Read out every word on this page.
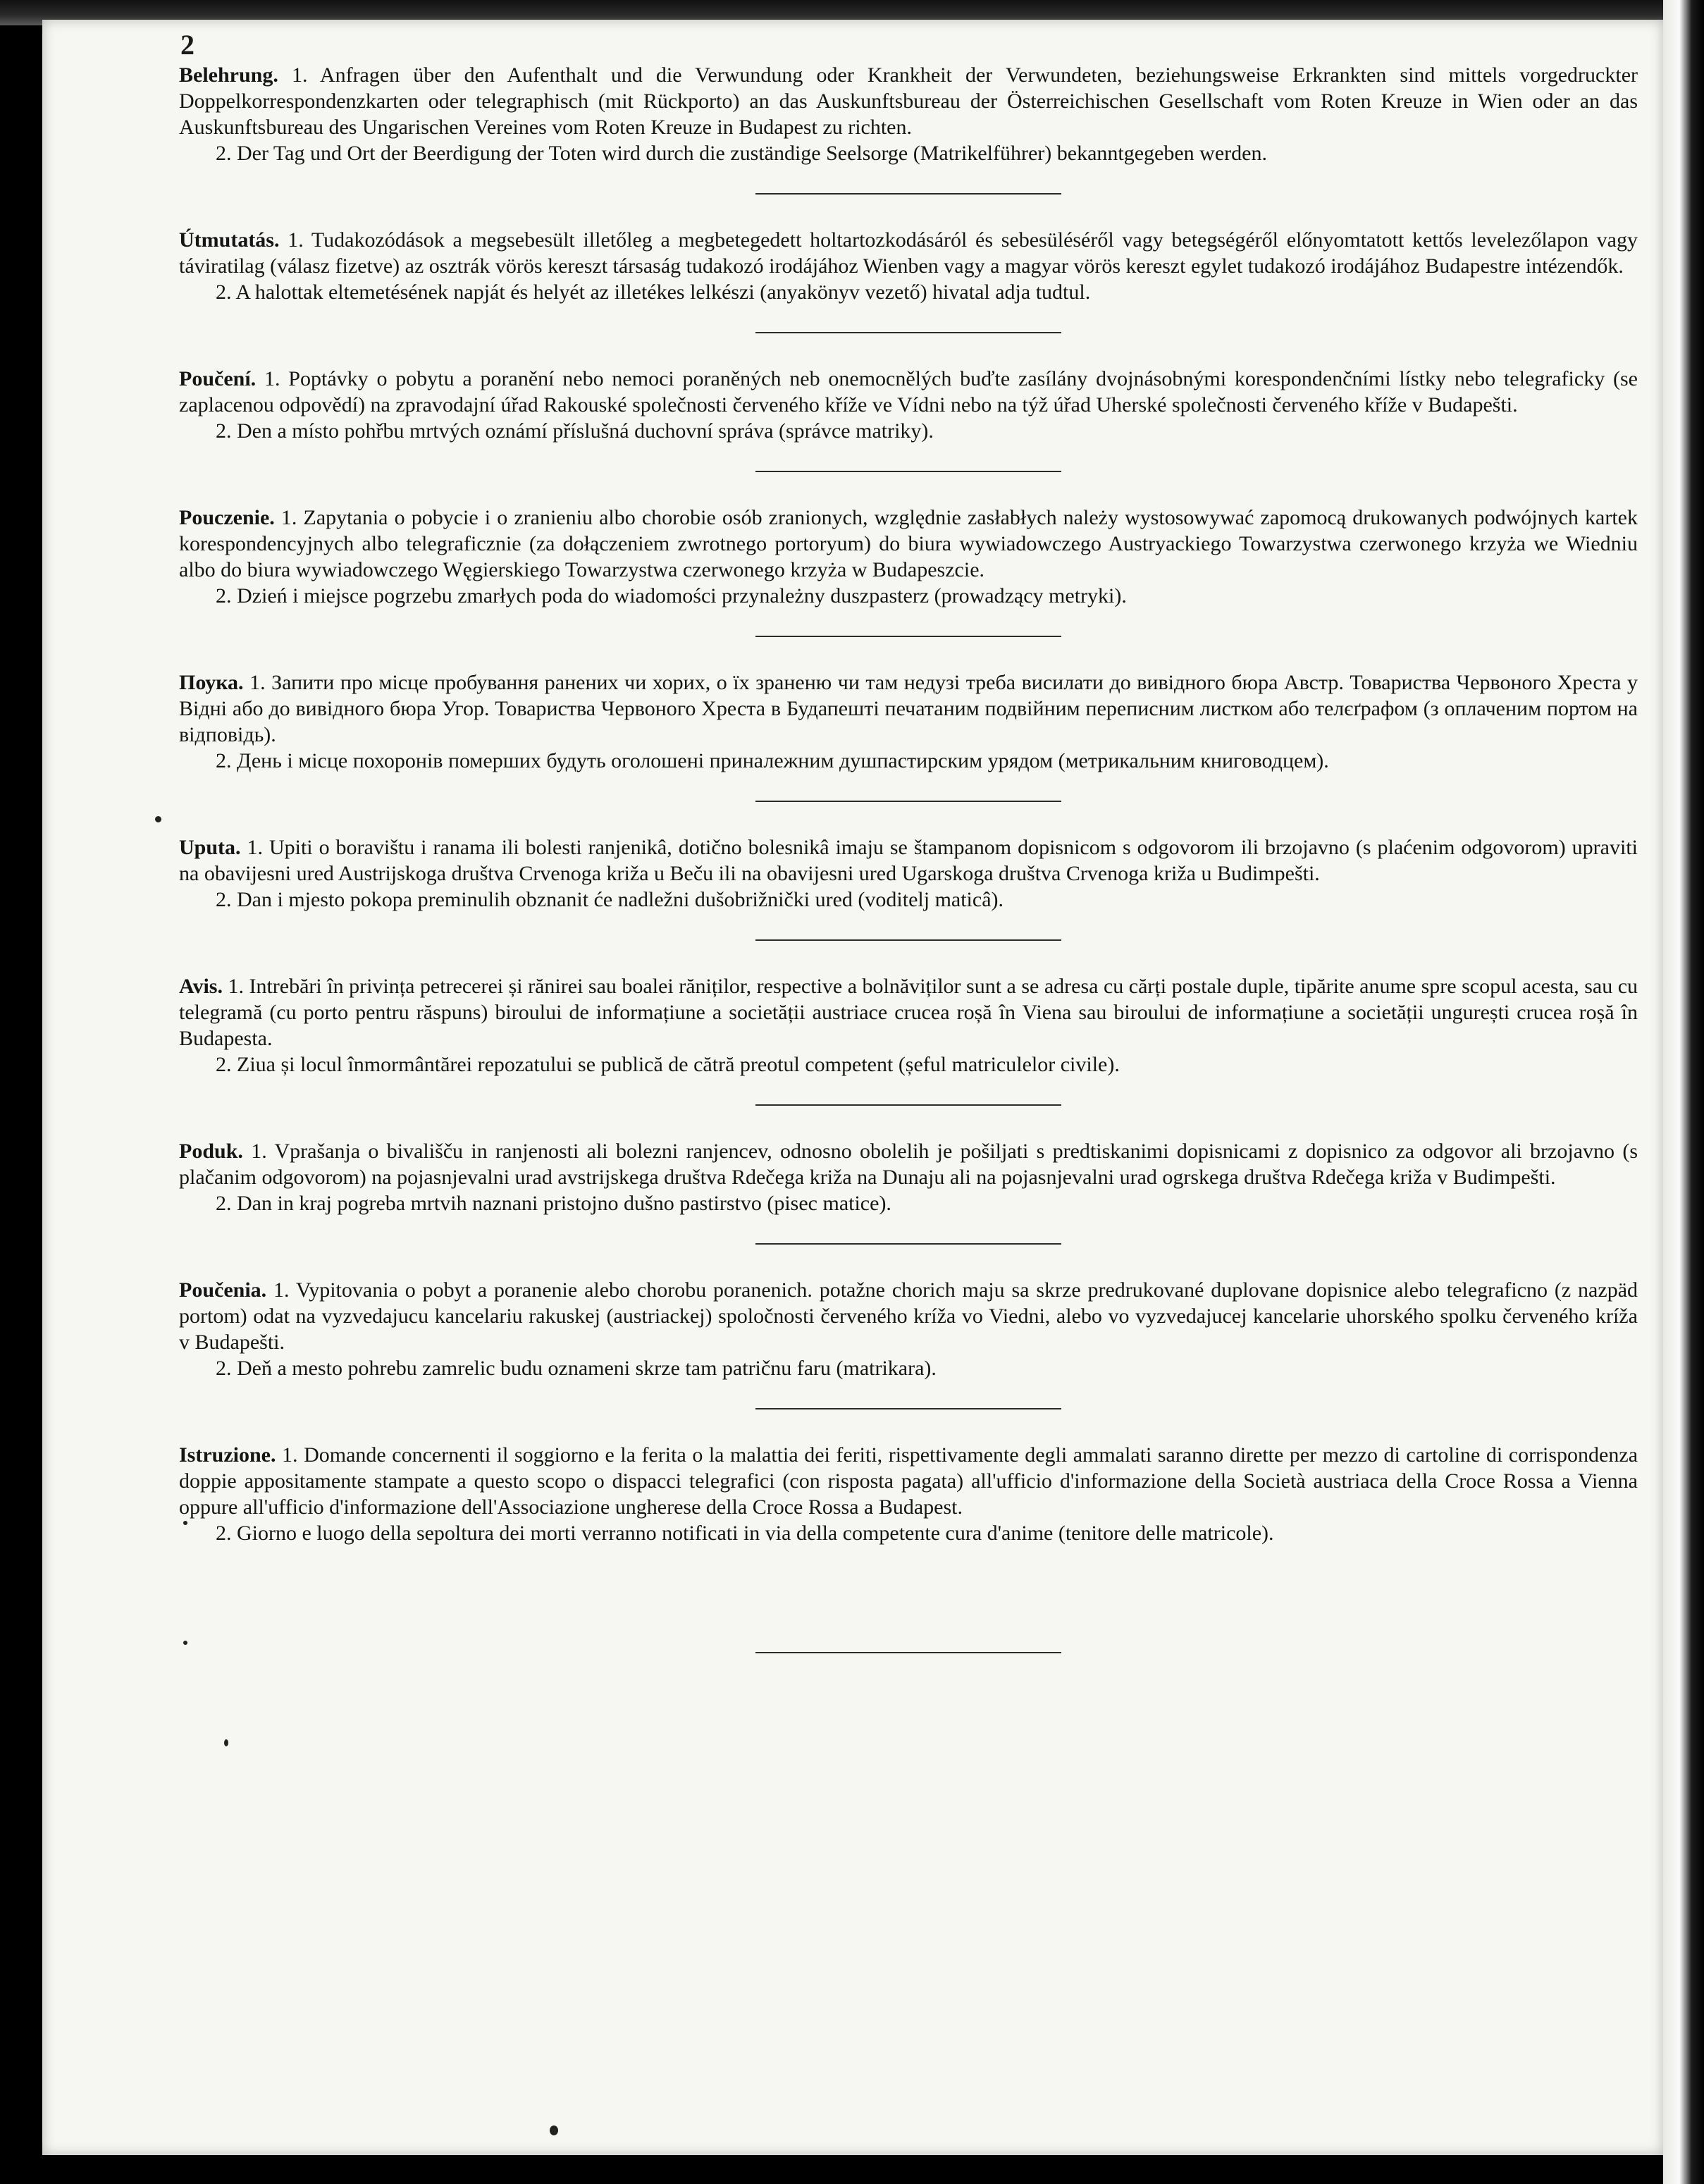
2

Belehrung. 1. Anfragen über den Aufenthalt und die Verwundung oder Krankheit der Verwundeten, beziehungsweise Erkrankten sind mittels vorgedruckter Doppelkorrespondenzkarten oder telegraphisch (mit Rückporto) an das Auskunftsbureau der Österreichischen Gesellschaft vom Roten Kreuze in Wien oder an das Auskunftsbureau des Ungarischen Vereines vom Roten Kreuze in Budapest zu richten.

2. Der Tag und Ort der Beerdigung der Toten wird durch die zuständige Seelsorge (Matrikelführer) bekanntgegeben werden.

Útmutatás. 1. Tudakozódások a megsebesült illetőleg a megbetegedett holtartozkodásáról és sebesüléséről vagy betegségéről előnyomtatott kettős levelezőlapon vagy táviratilag (válasz fizetve) az osztrák vörös kereszt társaság tudakozó irodájához Wienben vagy a magyar vörös kereszt egylet tudakozó irodájához Budapestre intézendők.

2. A halottak eltemetésének napját és helyét az illetékes lelkészi (anyakönyv vezető) hivatal adja tudtul.

Poučení. 1. Poptávky o pobytu a poranění nebo nemoci poraněných neb onemocnělých buďte zasílány dvojnásobnými korespondenčními lístky nebo telegraficky (se zaplacenou odpovědí) na zpravodajní úřad Rakouské společnosti červeného kříže ve Vídni nebo na týž úřad Uherské společnosti červeného kříže v Budapešti.

2. Den a místo pohřbu mrtvých oznámí příslušná duchovní správa (správce matriky).

Pouczenie. 1. Zapytania o pobycie i o zranieniu albo chorobie osób zranionych, względnie zasłabłych należy wystosowywać zapomocą drukowanych podwójnych kartek korespondencyjnych albo telegraficznie (za dołączeniem zwrotnego portoryum) do biura wywiadowczego Austryackiego Towarzystwa czerwonego krzyża we Wiedniu albo do biura wywiadowczego Węgierskiego Towarzystwa czerwonego krzyża w Budapeszcie.

2. Dzień i miejsce pogrzebu zmarłych poda do wiadomości przynależny duszpasterz (prowadzący metryki).

Поука. 1. Запити про місце пробування ранених чи хорих, о їх зраненю чи там недузі треба висилати до вивідного бюра Австр. Товариства Червоного Хреста у Відні або до вивідного бюра Угор. Товариства Червоного Хреста в Будапешті печатаним подвійним переписним листком або телєґрафом (з оплаченим портом на відповідь).

2. День і місце похоронів померших будуть оголошені приналежним душпастирским урядом (метрикальним книговодцем).

Uputa. 1. Upiti o boravištu i ranama ili bolesti ranjenikâ, dotično bolesnikâ imaju se štampanom dopisnicom s odgovorom ili brzojavno (s plaćenim odgovorom) upraviti na obavijesni ured Austrijskoga društva Crvenoga križa u Beču ili na obavijesni ured Ugarskoga društva Crvenoga križa u Budimpešti.

2. Dan i mjesto pokopa preminulih obznanit će nadležni dušobrižnički ured (voditelj maticâ).

Avis. 1. Intrebări în privința petrecerei și rănirei sau boalei răniților, respective a bolnăviților sunt a se adresa cu cărți postale duple, tipărite anume spre scopul acesta, sau cu telegramă (cu porto pentru răspuns) biroului de informațiune a societății austriace crucea roșă în Viena sau biroului de informațiune a societății ungurești crucea roșă în Budapesta.

2. Ziua și locul înmormântărei repozatului se publică de cătră preotul competent (șeful matriculelor civile).

Poduk. 1. Vprašanja o bivališču in ranjenosti ali bolezni ranjencev, odnosno obolelih je pošiljati s predtiskanimi dopisnicami z dopisnico za odgovor ali brzojavno (s plačanim odgovorom) na pojasnjevalni urad avstrijskega društva Rdečega križa na Dunaju ali na pojasnjevalni urad ogrskega društva Rdečega križa v Budimpešti.

2. Dan in kraj pogreba mrtvih naznani pristojno dušno pastirstvo (pisec matice).

Poučenia. 1. Vypitovania o pobyt a poranenie alebo chorobu poranenich. potažne chorich maju sa skrze predrukované duplovane dopisnice alebo telegraficno (z nazpäd portom) odat na vyzvedajucu kancelariu rakuskej (austriackej) spoločnosti červeného kríža vo Viedni, alebo vo vyzvedajucej kancelarie uhorského spolku červeného kríža v Budapešti.

2. Deň a mesto pohrebu zamrelic budu oznameni skrze tam patričnu faru (matrikara).

Istruzione. 1. Domande concernenti il soggiorno e la ferita o la malattia dei feriti, rispettivamente degli ammalati saranno dirette per mezzo di cartoline di corrispondenza doppie appositamente stampate a questo scopo o dispacci telegrafici (con risposta pagata) all'ufficio d'informazione della Società austriaca della Croce Rossa a Vienna oppure all'ufficio d'informazione dell'Associazione ungherese della Croce Rossa a Budapest.

2. Giorno e luogo della sepoltura dei morti verranno notificati in via della competente cura d'anime (tenitore delle matricole).
